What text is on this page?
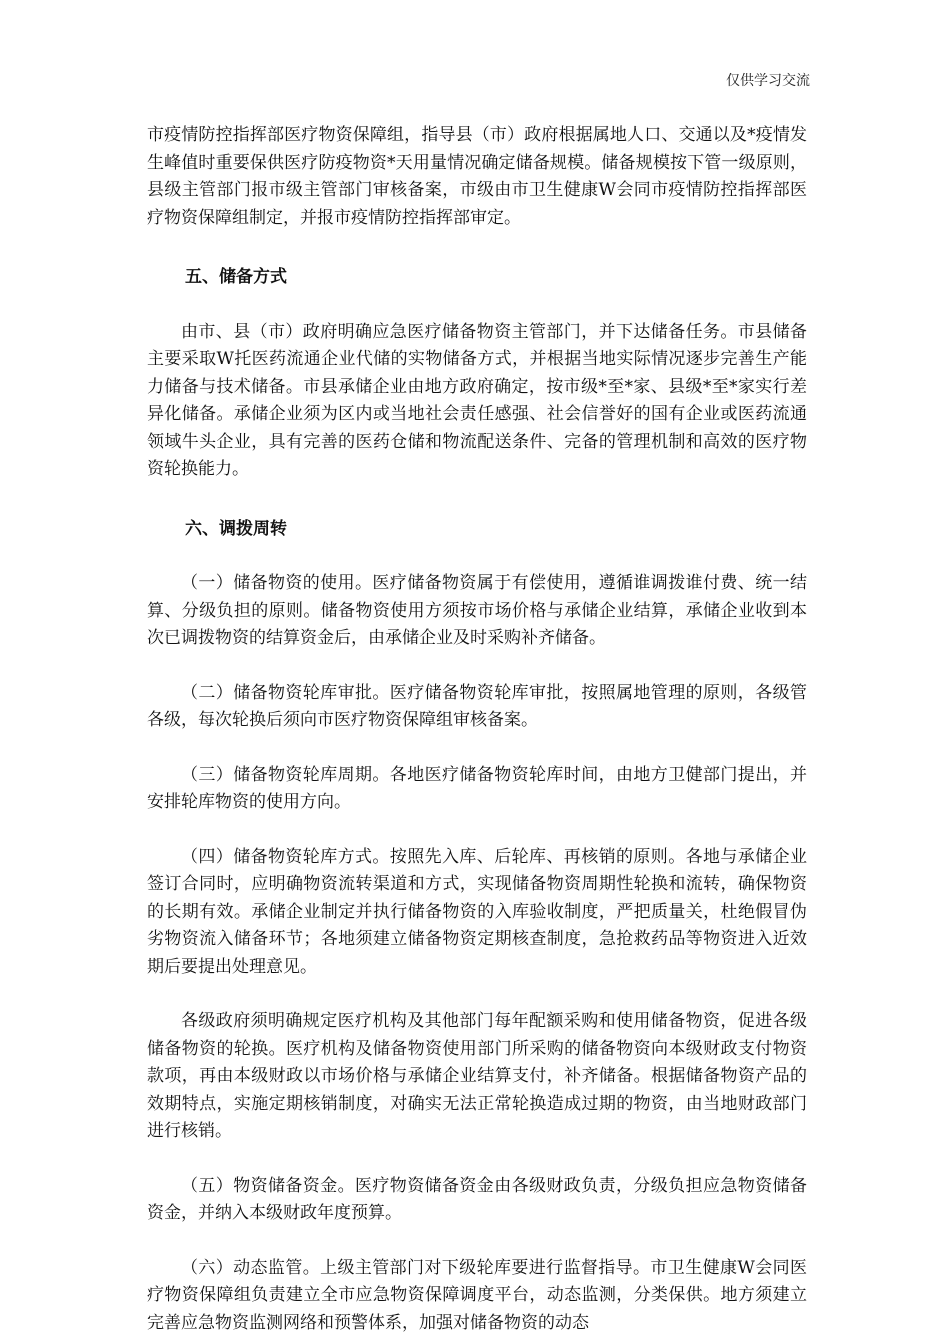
仅供学习交流

市疫情防控指挥部医疗物资保障组，指导县（市）政府根据属地人口、交通以及*疫情发生峰值时重要保供医疗防疫物资*天用量情况确定储备规模。储备规模按下管一级原则，县级主管部门报市级主管部门审核备案，市级由市卫生健康W会同市疫情防控指挥部医疗物资保障组制定，并报市疫情防控指挥部审定。

五、储备方式

由市、县（市）政府明确应急医疗储备物资主管部门，并下达储备任务。市县储备主要采取W托医药流通企业代储的实物储备方式，并根据当地实际情况逐步完善生产能力储备与技术储备。市县承储企业由地方政府确定，按市级*至*家、县级*至*家实行差异化储备。承储企业须为区内或当地社会责任感强、社会信誉好的国有企业或医药流通领域牛头企业，具有完善的医药仓储和物流配送条件、完备的管理机制和高效的医疗物资轮换能力。

六、调拨周转

（一）储备物资的使用。医疗储备物资属于有偿使用，遵循谁调拨谁付费、统一结算、分级负担的原则。储备物资使用方须按市场价格与承储企业结算，承储企业收到本次已调拨物资的结算资金后，由承储企业及时采购补齐储备。

（二）储备物资轮库审批。医疗储备物资轮库审批，按照属地管理的原则，各级管各级，每次轮换后须向市医疗物资保障组审核备案。

（三）储备物资轮库周期。各地医疗储备物资轮库时间，由地方卫健部门提出，并安排轮库物资的使用方向。

（四）储备物资轮库方式。按照先入库、后轮库、再核销的原则。各地与承储企业签订合同时，应明确物资流转渠道和方式，实现储备物资周期性轮换和流转，确保物资的长期有效。承储企业制定并执行储备物资的入库验收制度，严把质量关，杜绝假冒伪劣物资流入储备环节；各地须建立储备物资定期核查制度，急抢救药品等物资进入近效期后要提出处理意见。

各级政府须明确规定医疗机构及其他部门每年配额采购和使用储备物资，促进各级储备物资的轮换。医疗机构及储备物资使用部门所采购的储备物资向本级财政支付物资款项，再由本级财政以市场价格与承储企业结算支付，补齐储备。根据储备物资产品的效期特点，实施定期核销制度，对确实无法正常轮换造成过期的物资，由当地财政部门进行核销。

（五）物资储备资金。医疗物资储备资金由各级财政负责，分级负担应急物资储备资金，并纳入本级财政年度预算。

（六）动态监管。上级主管部门对下级轮库要进行监督指导。市卫生健康W会同医疗物资保障组负责建立全市应急物资保障调度平台，动态监测，分类保供。地方须建立完善应急物资监测网络和预警体系，加强对储备物资的动态
